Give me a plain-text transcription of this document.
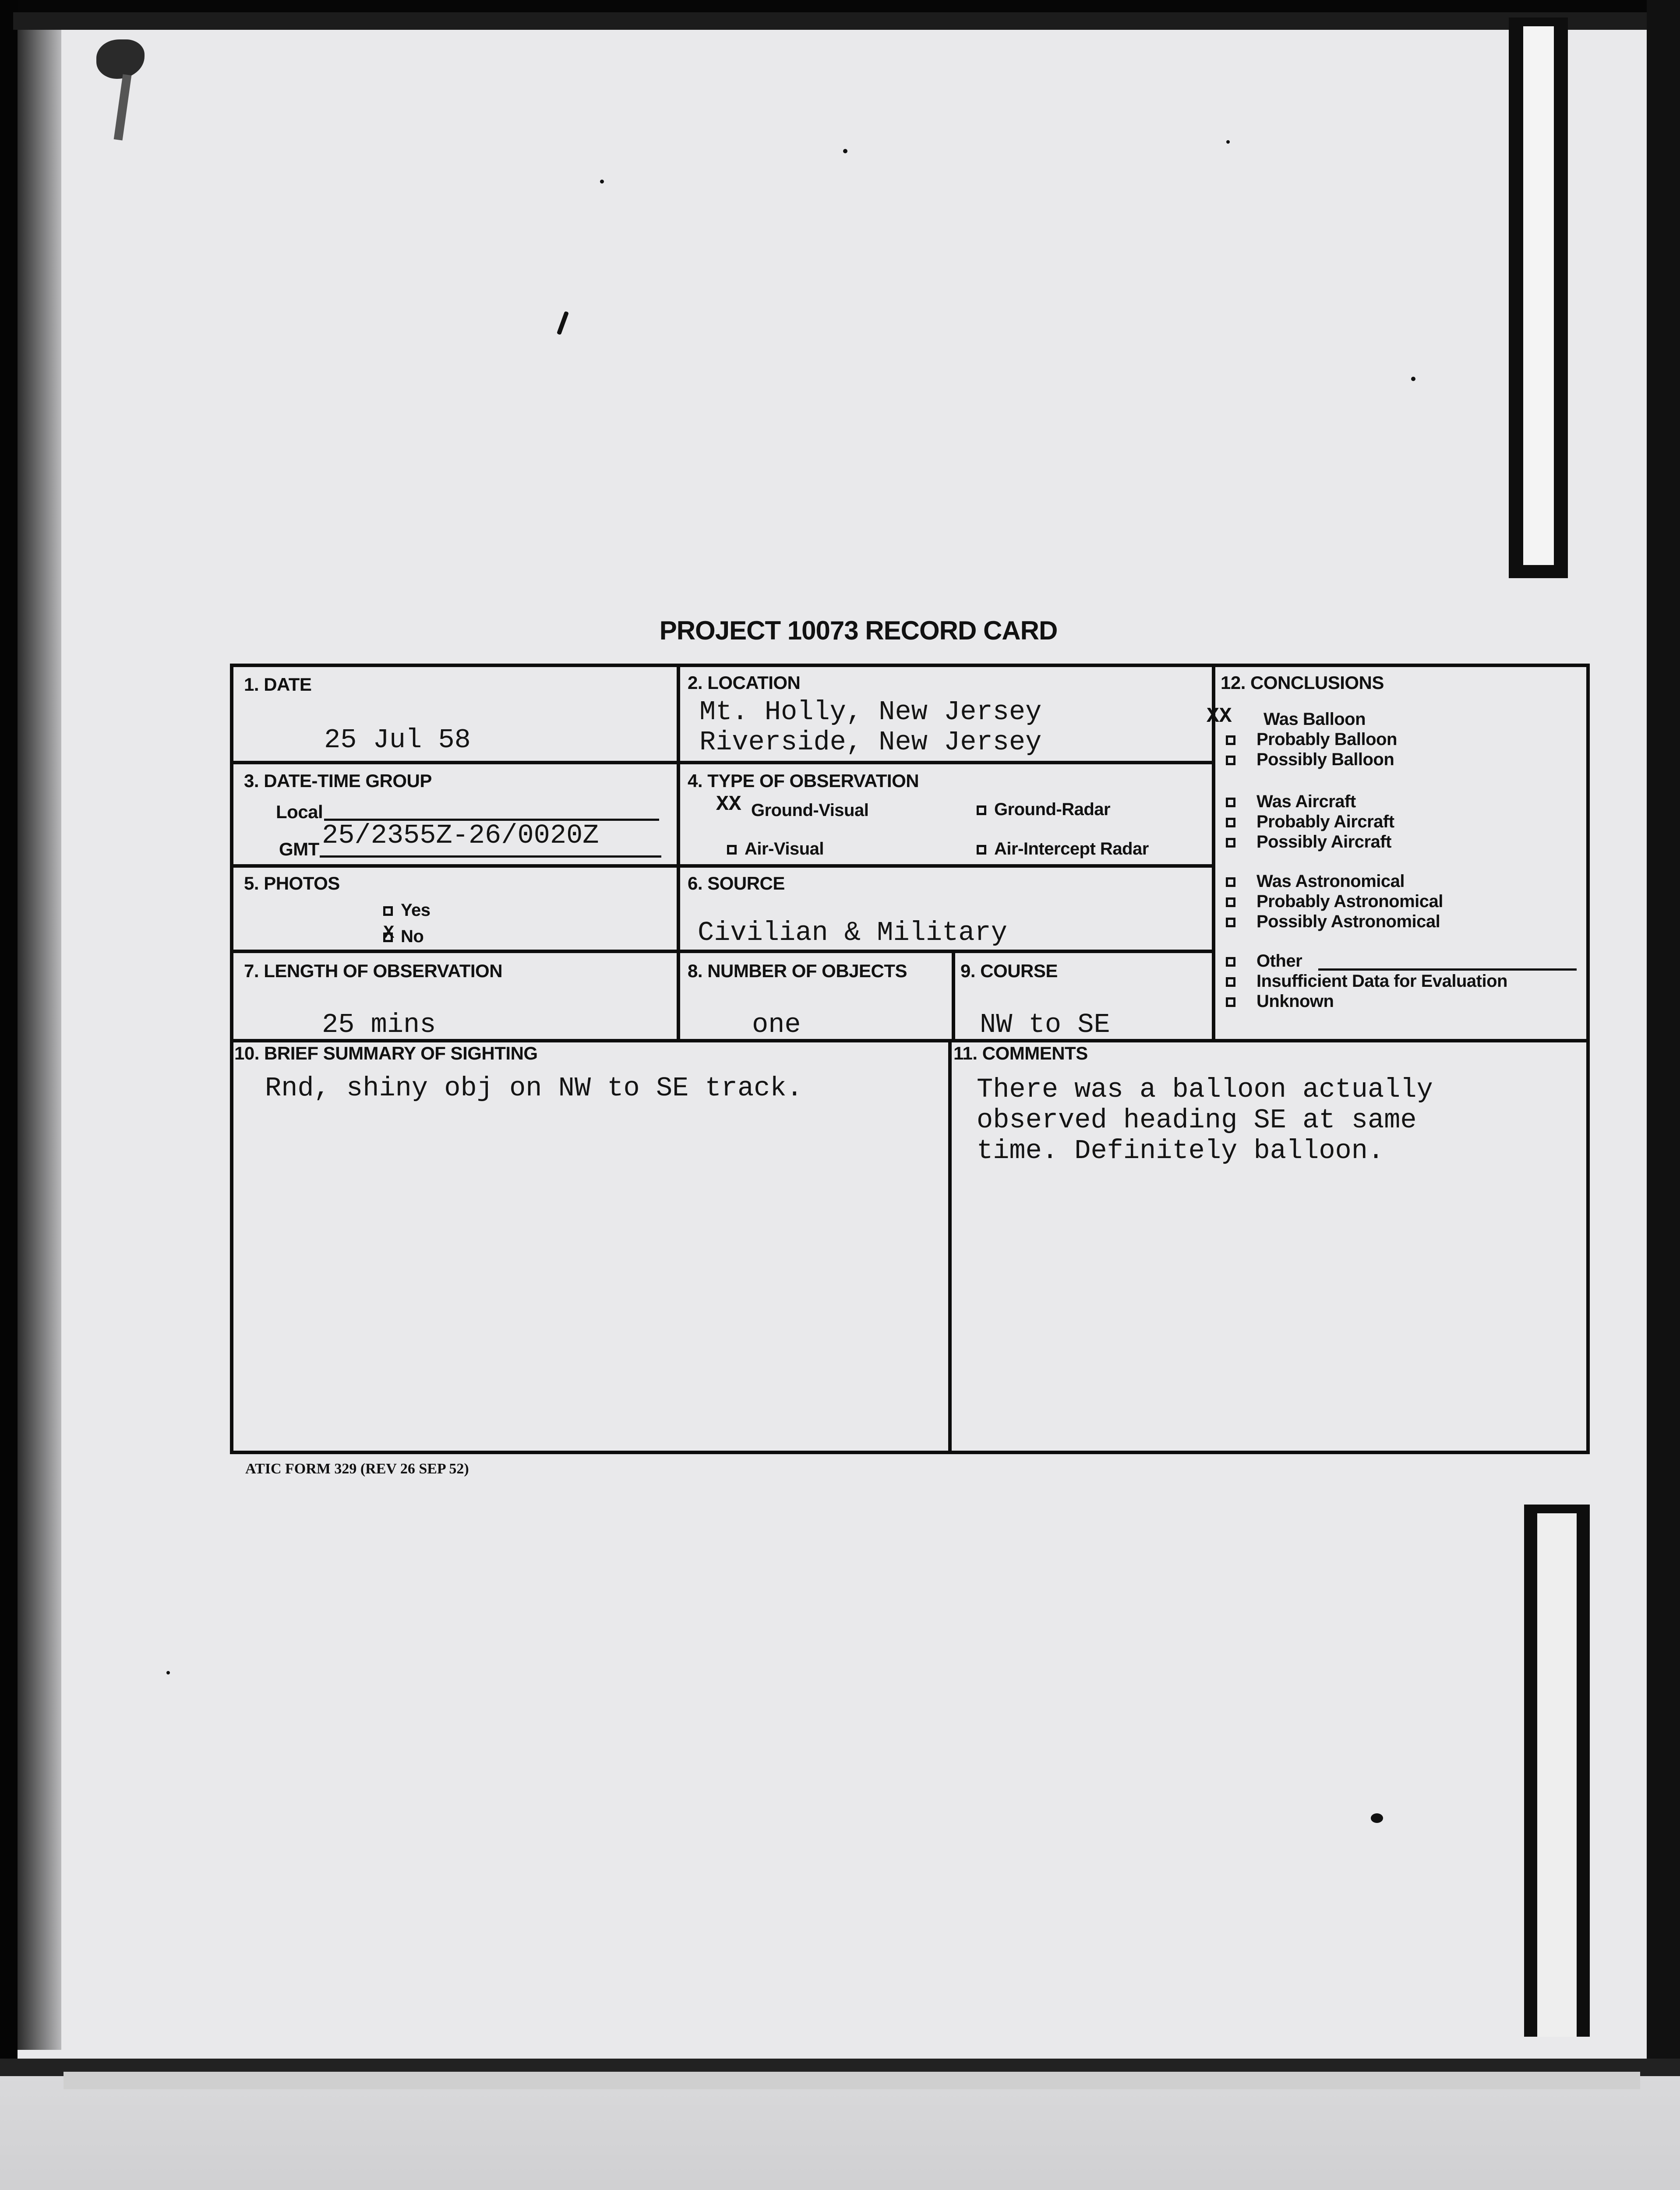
PROJECT 10073 RECORD CARD
1. DATE
25 Jul 58
2. LOCATION
Mt. Holly, New Jersey
Riverside, New Jersey
3. DATE-TIME GROUP
Local
GMT 25/2355Z-26/0020Z
4. TYPE OF OBSERVATION
XX Ground-Visual	Ground-Radar
Air-Visual	Air-Intercept Radar
5. PHOTOS
Yes
X No
6. SOURCE
Civilian & Military
7. LENGTH OF OBSERVATION
25 mins
8. NUMBER OF OBJECTS
one
9. COURSE
NW to SE
10. BRIEF SUMMARY OF SIGHTING
Rnd, shiny obj on NW to SE track.
11. COMMENTS
There was a balloon actually
observed heading SE at same
time. Definitely balloon.
12. CONCLUSIONS
XX Was Balloon
Probably Balloon
Possibly Balloon
Was Aircraft
Probably Aircraft
Possibly Aircraft
Was Astronomical
Probably Astronomical
Possibly Astronomical
Other
Insufficient Data for Evaluation
Unknown
ATIC FORM 329 (REV 26 SEP 52)
